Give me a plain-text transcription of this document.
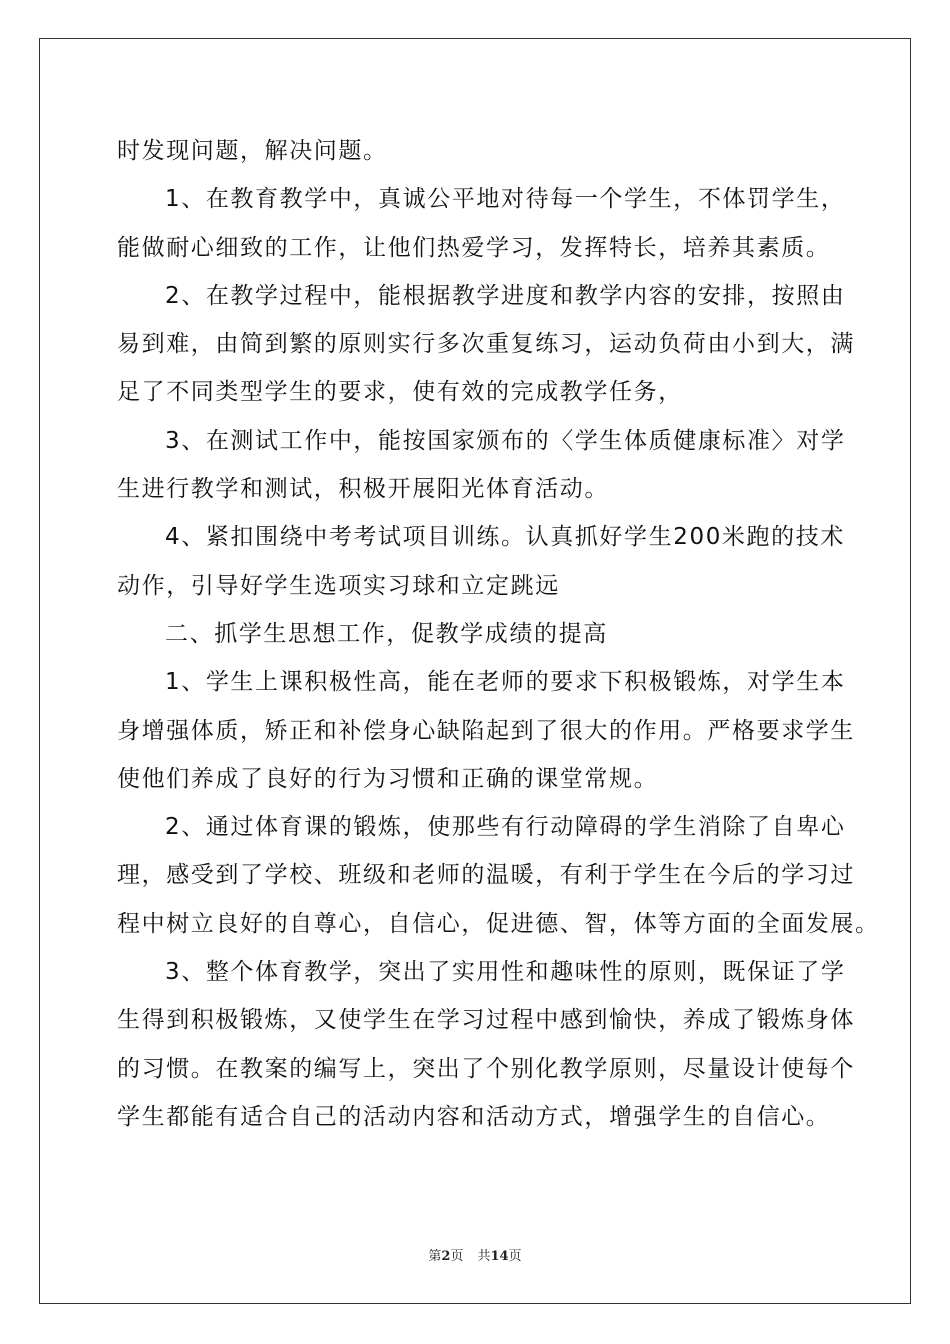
时发现问题，解决问题。
1、在教育教学中，真诚公平地对待每一个学生，不体罚学生，
能做耐心细致的工作，让他们热爱学习，发挥特长，培养其素质。
2、在教学过程中，能根据教学进度和教学内容的安排，按照由
易到难，由简到繁的原则实行多次重复练习，运动负荷由小到大，满
足了不同类型学生的要求，使有效的完成教学任务，
3、在测试工作中，能按国家颁布的〈学生体质健康标准〉对学
生进行教学和测试，积极开展阳光体育活动。
4、紧扣围绕中考考试项目训练。认真抓好学生200米跑的技术
动作，引导好学生选项实习球和立定跳远
二、抓学生思想工作，促教学成绩的提高
1、学生上课积极性高，能在老师的要求下积极锻炼，对学生本
身增强体质，矫正和补偿身心缺陷起到了很大的作用。严格要求学生
使他们养成了良好的行为习惯和正确的课堂常规。
2、通过体育课的锻炼，使那些有行动障碍的学生消除了自卑心
理，感受到了学校、班级和老师的温暖，有利于学生在今后的学习过
程中树立良好的自尊心，自信心，促进德、智，体等方面的全面发展。
3、整个体育教学，突出了实用性和趣味性的原则，既保证了学
生得到积极锻炼，又使学生在学习过程中感到愉快，养成了锻炼身体
的习惯。在教案的编写上，突出了个别化教学原则，尽量设计使每个
学生都能有适合自己的活动内容和活动方式，增强学生的自信心。
第2页 共14页
